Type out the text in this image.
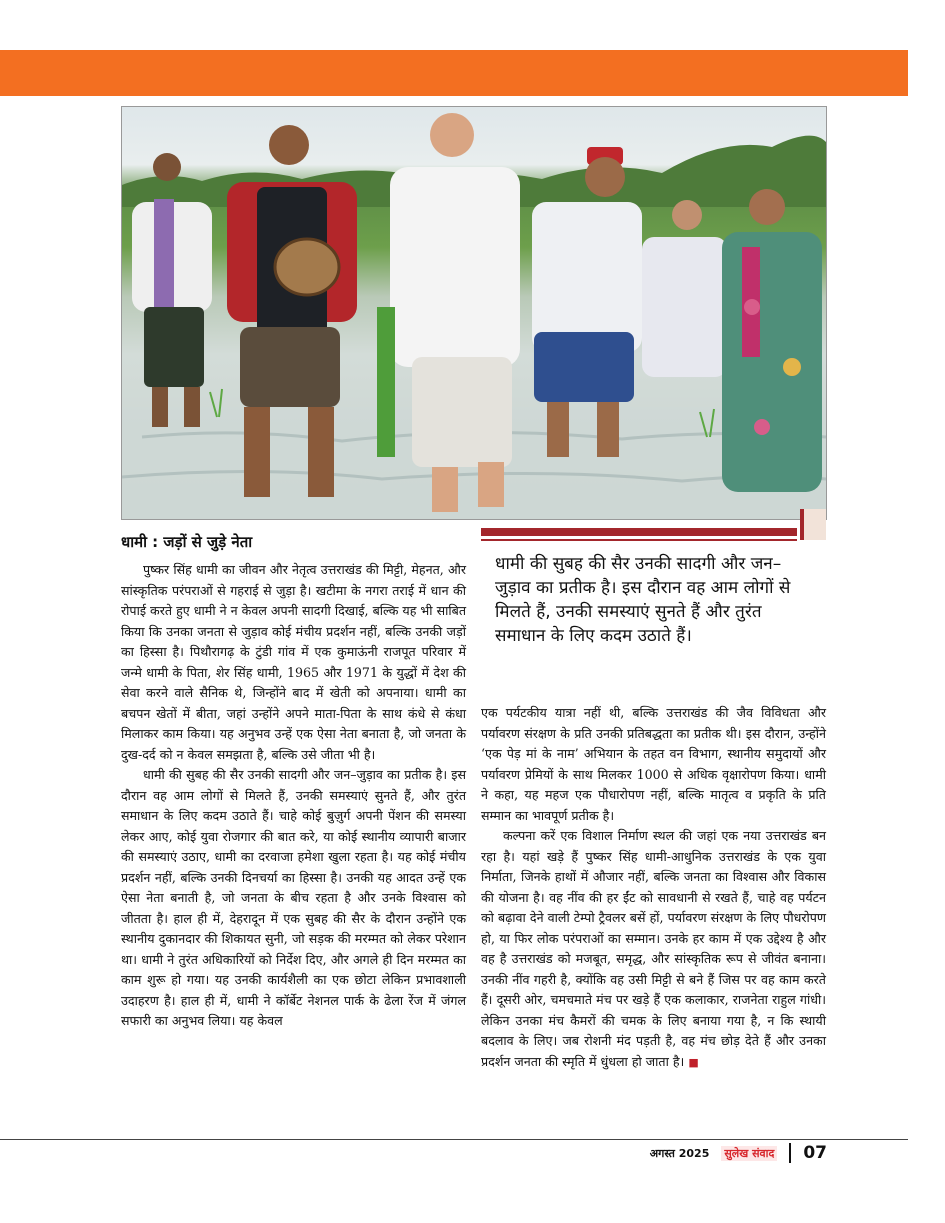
धामी : जड़ों से जुड़े नेता

पुष्कर सिंह धामी का जीवन और नेतृत्व उत्तराखंड की मिट्टी, मेहनत, और सांस्कृतिक परंपराओं से गहराई से जुड़ा है। खटीमा के नगरा तराई में धान की रोपाई करते हुए धामी ने न केवल अपनी सादगी दिखाई, बल्कि यह भी साबित किया कि उनका जनता से जुड़ाव कोई मंचीय प्रदर्शन नहीं, बल्कि उनकी जड़ों का हिस्सा है। पिथौरागढ़ के टुंडी गांव में एक कुमाऊंनी राजपूत परिवार में जन्मे धामी के पिता, शेर सिंह धामी, 1965 और 1971 के युद्धों में देश की सेवा करने वाले सैनिक थे, जिन्होंने बाद में खेती को अपनाया। धामी का बचपन खेतों में बीता, जहां उन्होंने अपने माता-पिता के साथ कंधे से कंधा मिलाकर काम किया। यह अनुभव उन्हें एक ऐसा नेता बनाता है, जो जनता के दुख-दर्द को न केवल समझता है, बल्कि उसे जीता भी है।

धामी की सुबह की सैर उनकी सादगी और जन–जुड़ाव का प्रतीक है। इस दौरान वह आम लोगों से मिलते हैं, उनकी समस्याएं सुनते हैं, और तुरंत समाधान के लिए कदम उठाते हैं। चाहे कोई बुज़ुर्ग अपनी पेंशन की समस्या लेकर आए, कोई युवा रोजगार की बात करे, या कोई स्थानीय व्यापारी बाजार की समस्याएं उठाए, धामी का दरवाजा हमेशा खुला रहता है। यह कोई मंचीय प्रदर्शन नहीं, बल्कि उनकी दिनचर्या का हिस्सा है। उनकी यह आदत उन्हें एक ऐसा नेता बनाती है, जो जनता के बीच रहता है और उनके विश्वास को जीतता है। हाल ही में, देहरादून में एक सुबह की सैर के दौरान उन्होंने एक स्थानीय दुकानदार की शिकायत सुनी, जो सड़क की मरम्मत को लेकर परेशान था। धामी ने तुरंत अधिकारियों को निर्देश दिए, और अगले ही दिन मरम्मत का काम शुरू हो गया। यह उनकी कार्यशैली का एक छोटा लेकिन प्रभावशाली उदाहरण है। हाल ही में, धामी ने कॉर्बेट नेशनल पार्क के ढेला रेंज में जंगल सफारी का अनुभव लिया। यह केवल

धामी की सुबह की सैर उनकी सादगी और जन–जुड़ाव का प्रतीक है। इस दौरान वह आम लोगों से मिलते हैं, उनकी समस्याएं सुनते हैं और तुरंत समाधान के लिए कदम उठाते हैं।

एक पर्यटकीय यात्रा नहीं थी, बल्कि उत्तराखंड की जैव विविधता और पर्यावरण संरक्षण के प्रति उनकी प्रतिबद्धता का प्रतीक थी। इस दौरान, उन्होंने ‘एक पेड़ मां के नाम’ अभियान के तहत वन विभाग, स्थानीय समुदायों और पर्यावरण प्रेमियों के साथ मिलकर 1000 से अधिक वृक्षारोपण किया। धामी ने कहा, यह महज एक पौधारोपण नहीं, बल्कि मातृत्व व प्रकृति के प्रति सम्मान का भावपूर्ण प्रतीक है।

कल्पना करें एक विशाल निर्माण स्थल की जहां एक नया उत्तराखंड बन रहा है। यहां खड़े हैं पुष्कर सिंह धामी-आधुनिक उत्तराखंड के एक युवा निर्माता, जिनके हाथों में औजार नहीं, बल्कि जनता का विश्वास और विकास की योजना है। वह नींव की हर ईंट को सावधानी से रखते हैं, चाहे वह पर्यटन को बढ़ावा देने वाली टेम्पो ट्रैवलर बसें हों, पर्यावरण संरक्षण के लिए पौधरोपण हो, या फिर लोक परंपराओं का सम्मान। उनके हर काम में एक उद्देश्य है और वह है उत्तराखंड को मजबूत, समृद्ध, और सांस्कृतिक रूप से जीवंत बनाना। उनकी नींव गहरी है, क्योंकि वह उसी मिट्टी से बने हैं जिस पर वह काम करते हैं। दूसरी ओर, चमचमाते मंच पर खड़े हैं एक कलाकार, राजनेता राहुल गांधी। लेकिन उनका मंच कैमरों की चमक के लिए बनाया गया है, न कि स्थायी बदलाव के लिए। जब रोशनी मंद पड़ती है, वह मंच छोड़ देते हैं और उनका प्रदर्शन जनता की स्मृति में धुंधला हो जाता है। ■

अगस्त 2025 सुलेख संवाद 07
